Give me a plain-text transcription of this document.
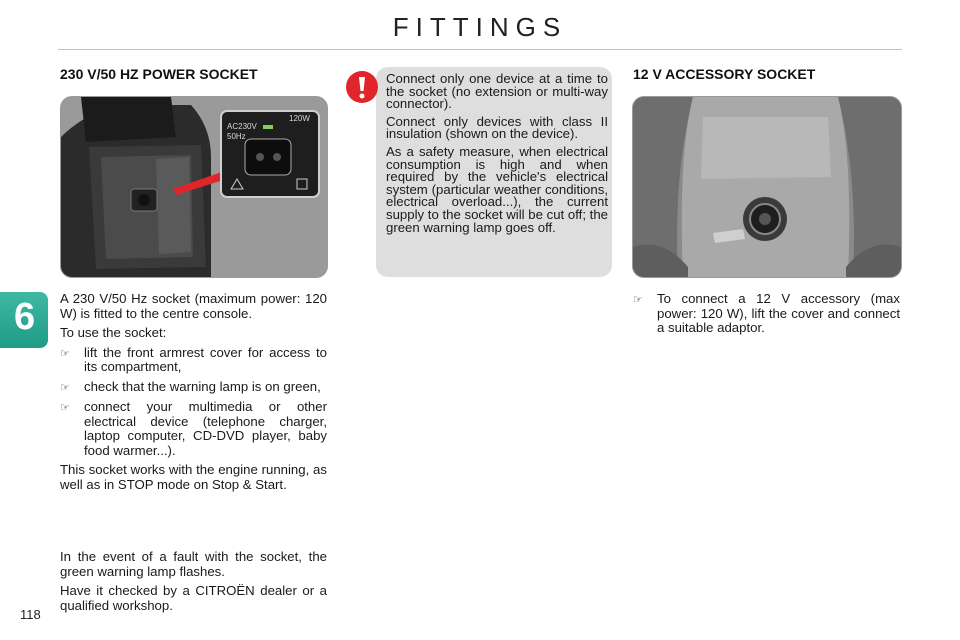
FITTINGS
6
118
230 V/50 HZ POWER SOCKET
AC230V
50Hz
120W

A 230 V/50 Hz socket (maximum power: 120 W) is fitted to the centre console.

To use the socket:

☞	lift the front armrest cover for access to its compartment,
☞	check that the warning lamp is on green,
☞	connect your multimedia or other electrical device (telephone charger, laptop computer, CD-DVD player, baby food warmer...).

This socket works with the engine running, as well as in STOP mode on Stop & Start.

In the event of a fault with the socket, the green warning lamp flashes.

Have it checked by a CITROËN dealer or a qualified workshop.

Connect only one device at a time to the socket (no extension or multi-way connector).

Connect only devices with class II insulation (shown on the device).

As a safety measure, when electrical consumption is high and when required by the vehicle's electrical system (particular weather conditions, electrical overload...), the current supply to the socket will be cut off; the green warning lamp goes off.

12 V ACCESSORY SOCKET
☞	To connect a 12 V accessory (max power: 120 W), lift the cover and connect a suitable adaptor.
